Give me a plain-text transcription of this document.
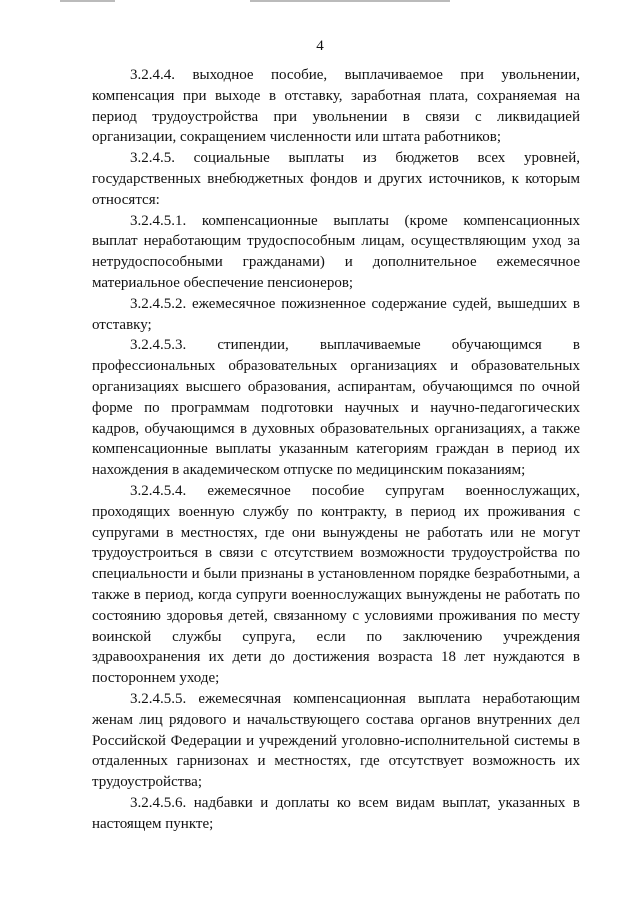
4

3.2.4.4. выходное пособие, выплачиваемое при увольнении, компенсация при выходе в отставку, заработная плата, сохраняемая на период трудоустройства при увольнении в связи с ликвидацией организации, сокращением численности или штата работников;

3.2.4.5. социальные выплаты из бюджетов всех уровней, государственных внебюджетных фондов и других источников, к которым относятся:

3.2.4.5.1. компенсационные выплаты (кроме компенсационных выплат неработающим трудоспособным лицам, осуществляющим уход за нетрудоспособными гражданами) и дополнительное ежемесячное материальное обеспечение пенсионеров;

3.2.4.5.2. ежемесячное пожизненное содержание судей, вышедших в отставку;

3.2.4.5.3. стипендии, выплачиваемые обучающимся в профессиональных образовательных организациях и образовательных организациях высшего образования, аспирантам, обучающимся по очной форме по программам подготовки научных и научно-педагогических кадров, обучающимся в духовных образовательных организациях, а также компенсационные выплаты указанным категориям граждан в период их нахождения в академическом отпуске по медицинским показаниям;

3.2.4.5.4. ежемесячное пособие супругам военнослужащих, проходящих военную службу по контракту, в период их проживания с супругами в местностях, где они вынуждены не работать или не могут трудоустроиться в связи с отсутствием возможности трудоустройства по специальности и были признаны в установленном порядке безработными, а также в период, когда супруги военнослужащих вынуждены не работать по состоянию здоровья детей, связанному с условиями проживания по месту воинской службы супруга, если по заключению учреждения здравоохранения их дети до достижения возраста 18 лет нуждаются в постороннем уходе;

3.2.4.5.5. ежемесячная компенсационная выплата неработающим женам лиц рядового и начальствующего состава органов внутренних дел Российской Федерации и учреждений уголовно-исполнительной системы в отдаленных гарнизонах и местностях, где отсутствует возможность их трудоустройства;

3.2.4.5.6. надбавки и доплаты ко всем видам выплат, указанных в настоящем пункте;
